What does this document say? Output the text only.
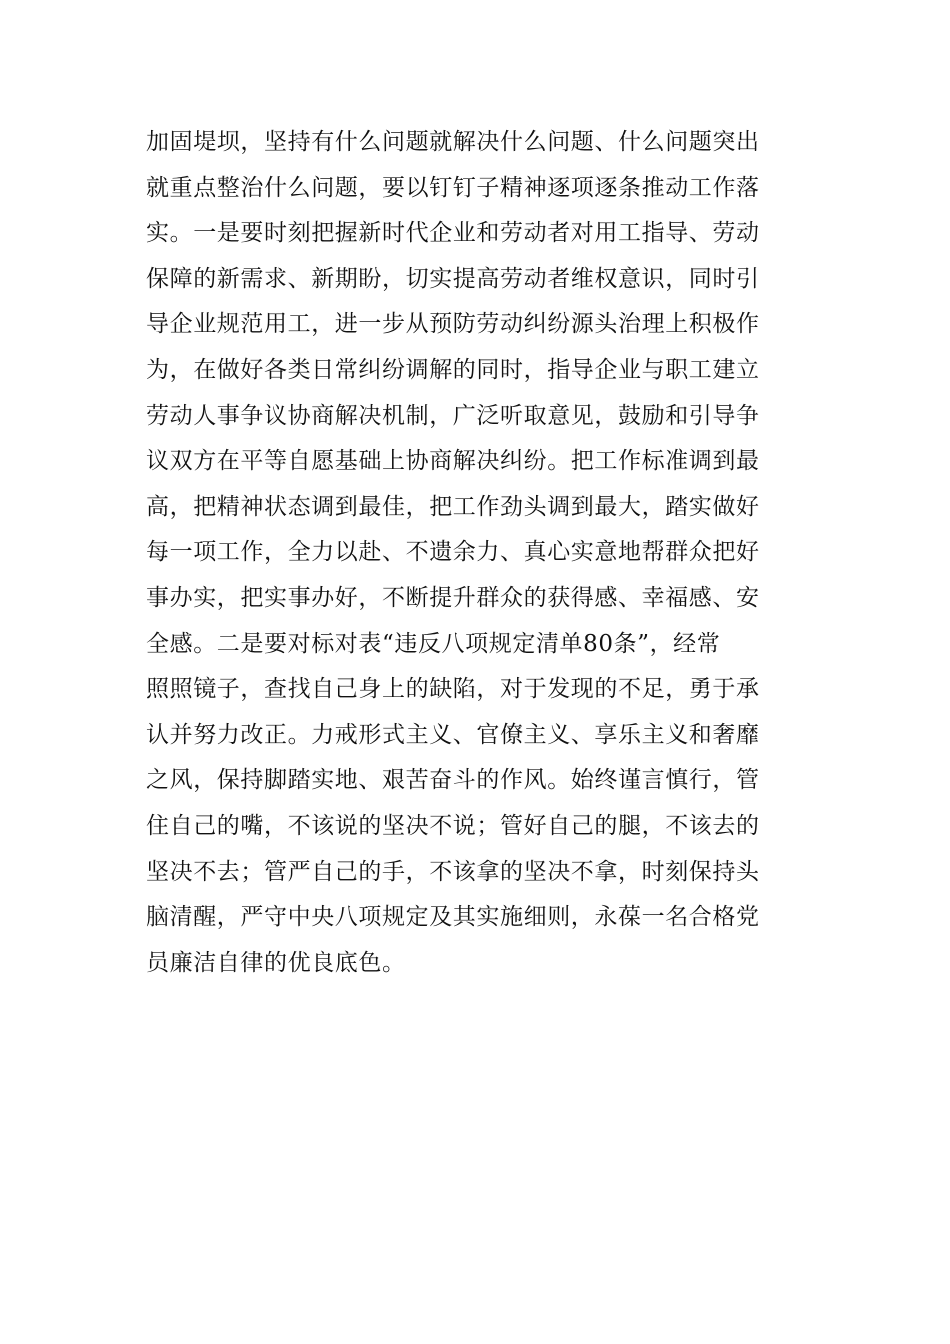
加固堤坝，坚持有什么问题就解决什么问题、什么问题突出
就重点整治什么问题，要以钉钉子精神逐项逐条推动工作落
实。一是要时刻把握新时代企业和劳动者对用工指导、劳动
保障的新需求、新期盼，切实提高劳动者维权意识，同时引
导企业规范用工，进一步从预防劳动纠纷源头治理上积极作
为，在做好各类日常纠纷调解的同时，指导企业与职工建立
劳动人事争议协商解决机制，广泛听取意见，鼓励和引导争
议双方在平等自愿基础上协商解决纠纷。把工作标准调到最
高，把精神状态调到最佳，把工作劲头调到最大，踏实做好
每一项工作，全力以赴、不遗余力、真心实意地帮群众把好
事办实，把实事办好，不断提升群众的获得感、幸福感、安
全感。二是要对标对表“违反八项规定清单80条”，经常
照照镜子，查找自己身上的缺陷，对于发现的不足，勇于承
认并努力改正。力戒形式主义、官僚主义、享乐主义和奢靡
之风，保持脚踏实地、艰苦奋斗的作风。始终谨言慎行，管
住自己的嘴，不该说的坚决不说；管好自己的腿，不该去的
坚决不去；管严自己的手，不该拿的坚决不拿，时刻保持头
脑清醒，严守中央八项规定及其实施细则，永葆一名合格党
员廉洁自律的优良底色。
